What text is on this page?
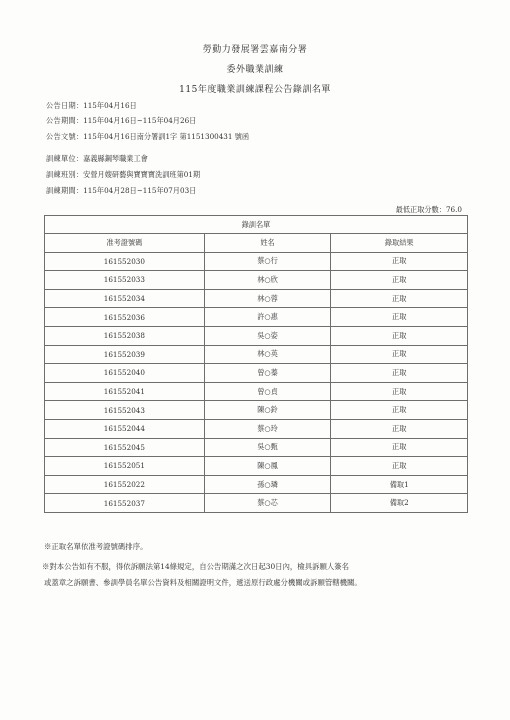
勞動力發展署雲嘉南分署
委外職業訓練
115年度職業訓練課程公告錄訓名單
公告日期：115年04月16日
公告期間：115年04月16日~115年04月26日
公告文號：115年04月16日南分署訓1字 第1151300431 號函
訓練單位：嘉義縣鋼琴職業工會
訓練班別：安營月嫂研藝與寶寶寶洗訓班第01期
訓練期間：115年04月28日~115年07月03日
最低正取分數：76.0
錄訓名單		
准考證號碼	姓名	錄取結果
161552030	蔡○行	正取
161552033	林○欣	正取
161552034	林○蓉	正取
161552036	許○惠	正取
161552038	吳○姿	正取
161552039	林○英	正取
161552040	曾○蓁	正取
161552041	曾○貞	正取
161552043	陳○鈴	正取
161552044	蔡○玲	正取
161552045	吳○甄	正取
161552051	陳○鳳	正取
161552022	孫○璘	備取1
161552037	蔡○芯	備取2
※正取名單依准考證號碼排序。
※對本公告如有不服，得依訴願法第14條規定，自公告期滿之次日起30日內，檢具訴願人簽名
或蓋章之訴願書、參訓學員名單公告資料及相關證明文件，遞送原行政處分機關或訴願管轄機關。
